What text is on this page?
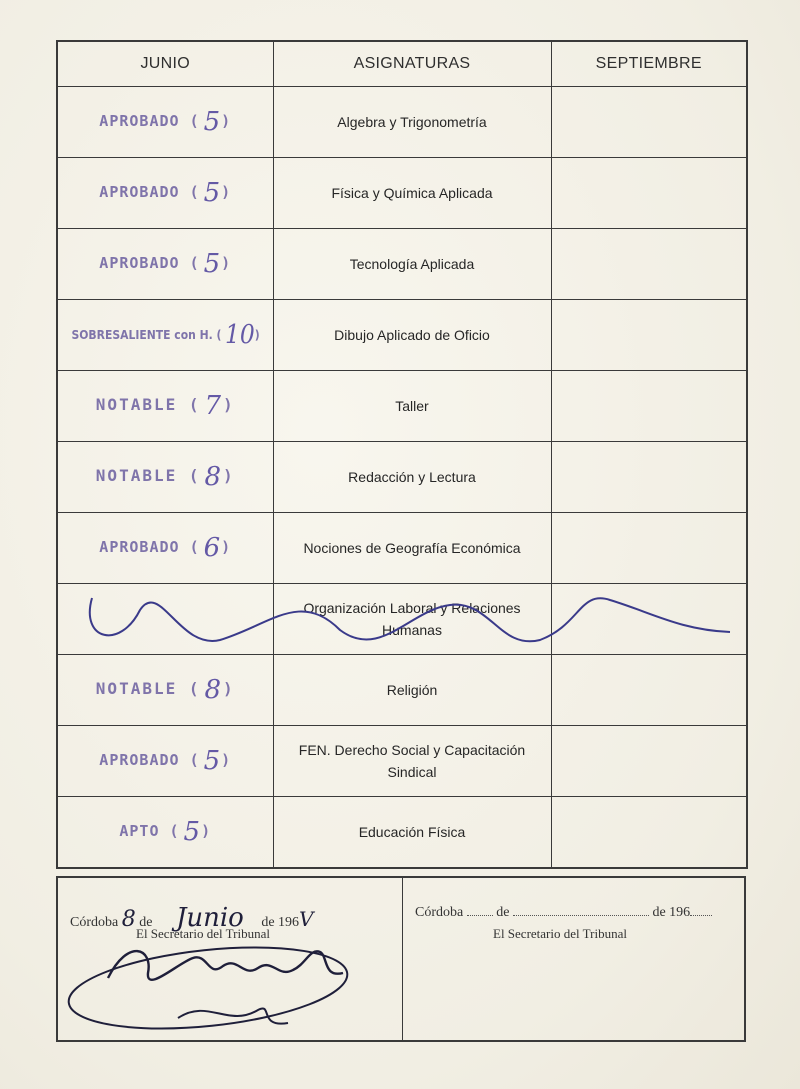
JUNIO	ASIGNATURAS	SEPTIEMBRE
APROBADO ( 5)	Algebra y Trigonometría	
APROBADO ( 5)	Física y Química Aplicada	
APROBADO ( 5)	Tecnología Aplicada	
SOBRESALIENTE con H. ( 10)	Dibujo Aplicado de Oficio	
NOTABLE ( 7)	Taller	
NOTABLE ( 8)	Redacción y Lectura	
APROBADO ( 6)	Nociones de Geografía Económica	
	Organización Laboral y Relaciones Humanas	
NOTABLE ( 8)	Religión	
APROBADO ( 5)	FEN. Derecho Social y Capacitación Sindical	
APTO ( 5)	Educación Física	
Córdoba 8 de Junio de 196V
El Secretario del Tribunal
Córdoba de	de 196
El Secretario del Tribunal
